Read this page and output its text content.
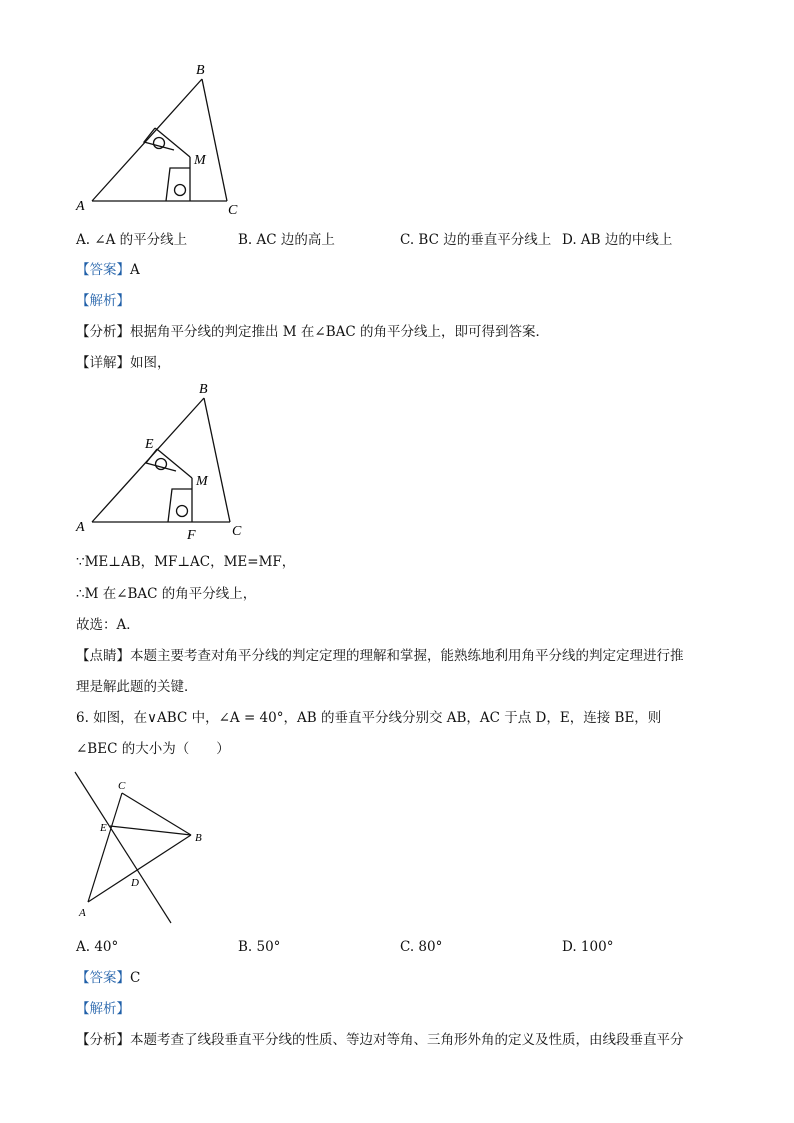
A
B
C
M
A. ∠A 的平分线上	B. AC 边的高上	C. BC 边的垂直平分线上 D. AB 边的中线上
【答案】A
【解析】
【分析】根据角平分线的判定推出 M 在∠BAC 的角平分线上，即可得到答案．
【详解】如图，
A
B
C
M
E
F
∵ME⊥AB，MF⊥AC，ME=MF，
∴M 在∠BAC 的角平分线上，
故选：A．
【点睛】本题主要考查对角平分线的判定定理的理解和掌握，能熟练地利用角平分线的判定定理进行推
理是解此题的关键．
6. 如图，在∨ABC 中，∠A = 40°，AB 的垂直平分线分别交 AB，AC 于点 D，E，连接 BE，则
∠BEC 的大小为（　　）
A
B
C
D
E
A. 40°	B. 50°	C. 80°	D. 100°
【答案】C
【解析】
【分析】本题考查了线段垂直平分线的性质、等边对等角、三角形外角的定义及性质，由线段垂直平分
